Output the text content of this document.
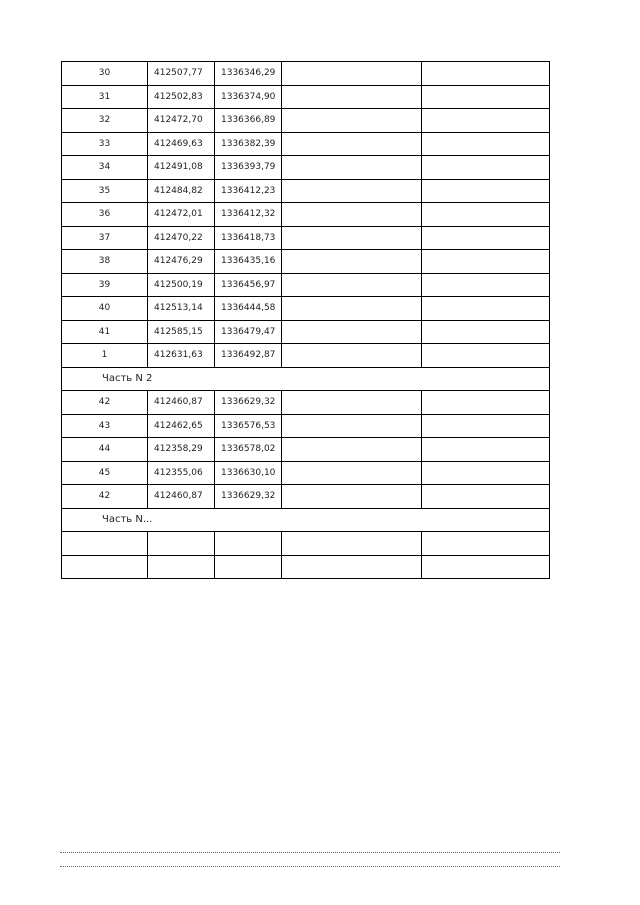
30	412507,77	1336346,29		
31	412502,83	1336374,90		
32	412472,70	1336366,89		
33	412469,63	1336382,39		
34	412491,08	1336393,79		
35	412484,82	1336412,23		
36	412472,01	1336412,32		
37	412470,22	1336418,73		
38	412476,29	1336435,16		
39	412500,19	1336456,97		
40	412513,14	1336444,58		
41	412585,15	1336479,47		
1	412631,63	1336492,87		
Часть N 2				
42	412460,87	1336629,32		
43	412462,65	1336576,53		
44	412358,29	1336578,02		
45	412355,06	1336630,10		
42	412460,87	1336629,32		
Часть N...				
